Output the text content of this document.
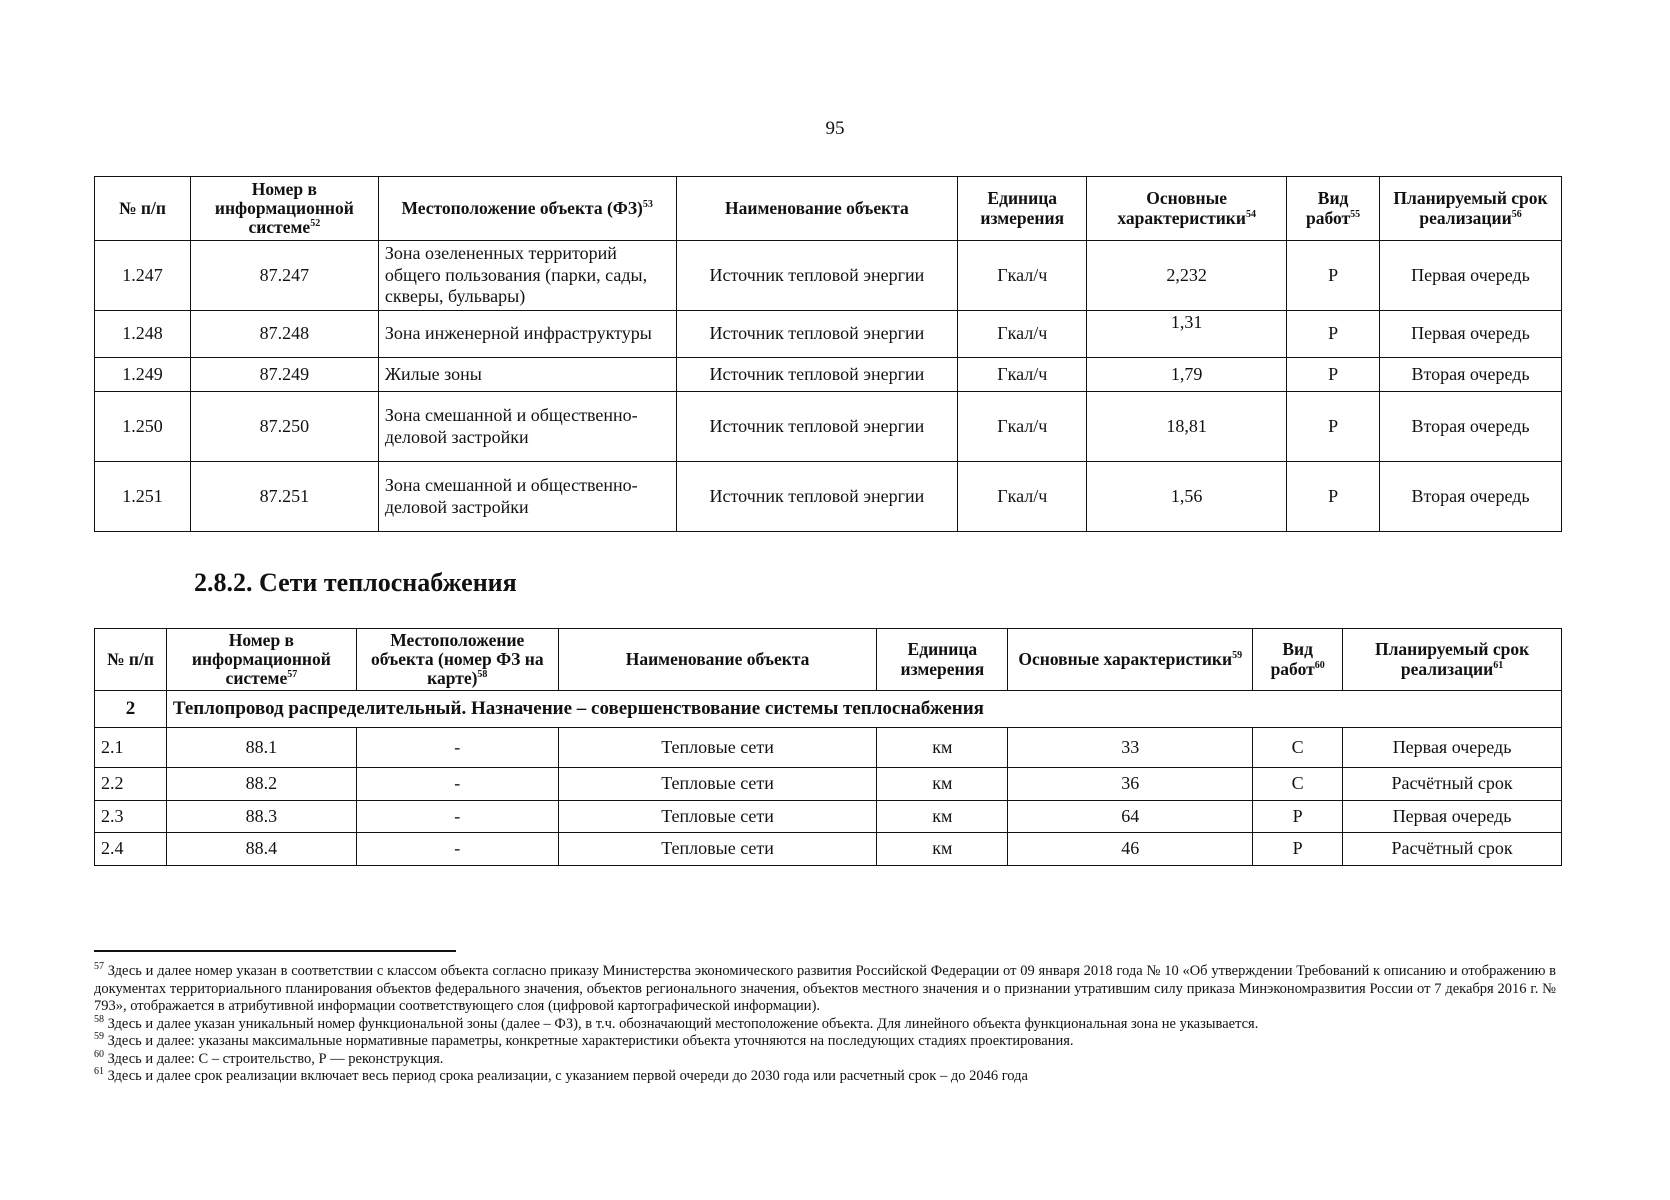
95
№ п/п	Номер в информационной системе$^{52}$	Местоположение объекта (ФЗ)$^{53}$	Наименование объекта	Единица измерения	Основные характеристики$^{54}$	Вид работ$^{55}$	Планируемый срок реализации$^{56}$
1.247	87.247	Зона озелененных территорий общего пользования (парки, сады, скверы, бульвары)	Источник тепловой энергии	Гкал/ч	2,232	Р	Первая очередь
1.248	87.248	Зона инженерной инфраструктуры	Источник тепловой энергии	Гкал/ч	1,31	Р	Первая очередь
1.249	87.249	Жилые зоны	Источник тепловой энергии	Гкал/ч	1,79	Р	Вторая очередь
1.250	87.250	Зона смешанной и общественно-деловой застройки	Источник тепловой энергии	Гкал/ч	18,81	Р	Вторая очередь
1.251	87.251	Зона смешанной и общественно-деловой застройки	Источник тепловой энергии	Гкал/ч	1,56	Р	Вторая очередь
2.8.2. Сети теплоснабжения
№ п/п	Номер в информационной системе$^{57}$	Местоположение объекта (номер ФЗ на карте)$^{58}$	Наименование объекта	Единица измерения	Основные характеристики$^{59}$	Вид работ$^{60}$	Планируемый срок реализации$^{61}$
2	Теплопровод распределительный. Назначение – совершенствование системы теплоснабжения						
2.1	88.1	-	Тепловые сети	км	33	С	Первая очередь
2.2	88.2	-	Тепловые сети	км	36	С	Расчётный срок
2.3	88.3	-	Тепловые сети	км	64	Р	Первая очередь
2.4	88.4	-	Тепловые сети	км	46	Р	Расчётный срок

$^{57}$ Здесь и далее номер указан в соответствии с классом объекта согласно приказу Министерства экономического развития Российской Федерации от 09 января 2018 года № 10 «Об утверждении Требований к описанию и отображению в документах территориального планирования объектов федерального значения, объектов регионального значения, объектов местного значения и о признании утратившим силу приказа Минэкономразвития России от 7 декабря 2016 г. № 793», отображается в атрибутивной информации соответствующего слоя (цифровой картографической информации).

$^{58}$ Здесь и далее указан уникальный номер функциональной зоны (далее – ФЗ), в т.ч. обозначающий местоположение объекта. Для линейного объекта функциональная зона не указывается.

$^{59}$ Здесь и далее: указаны максимальные нормативные параметры, конкретные характеристики объекта уточняются на последующих стадиях проектирования.

$^{60}$ Здесь и далее: С – строительство, Р — реконструкция.

$^{61}$ Здесь и далее срок реализации включает весь период срока реализации, с указанием первой очереди до 2030 года или расчетный срок – до 2046 года
